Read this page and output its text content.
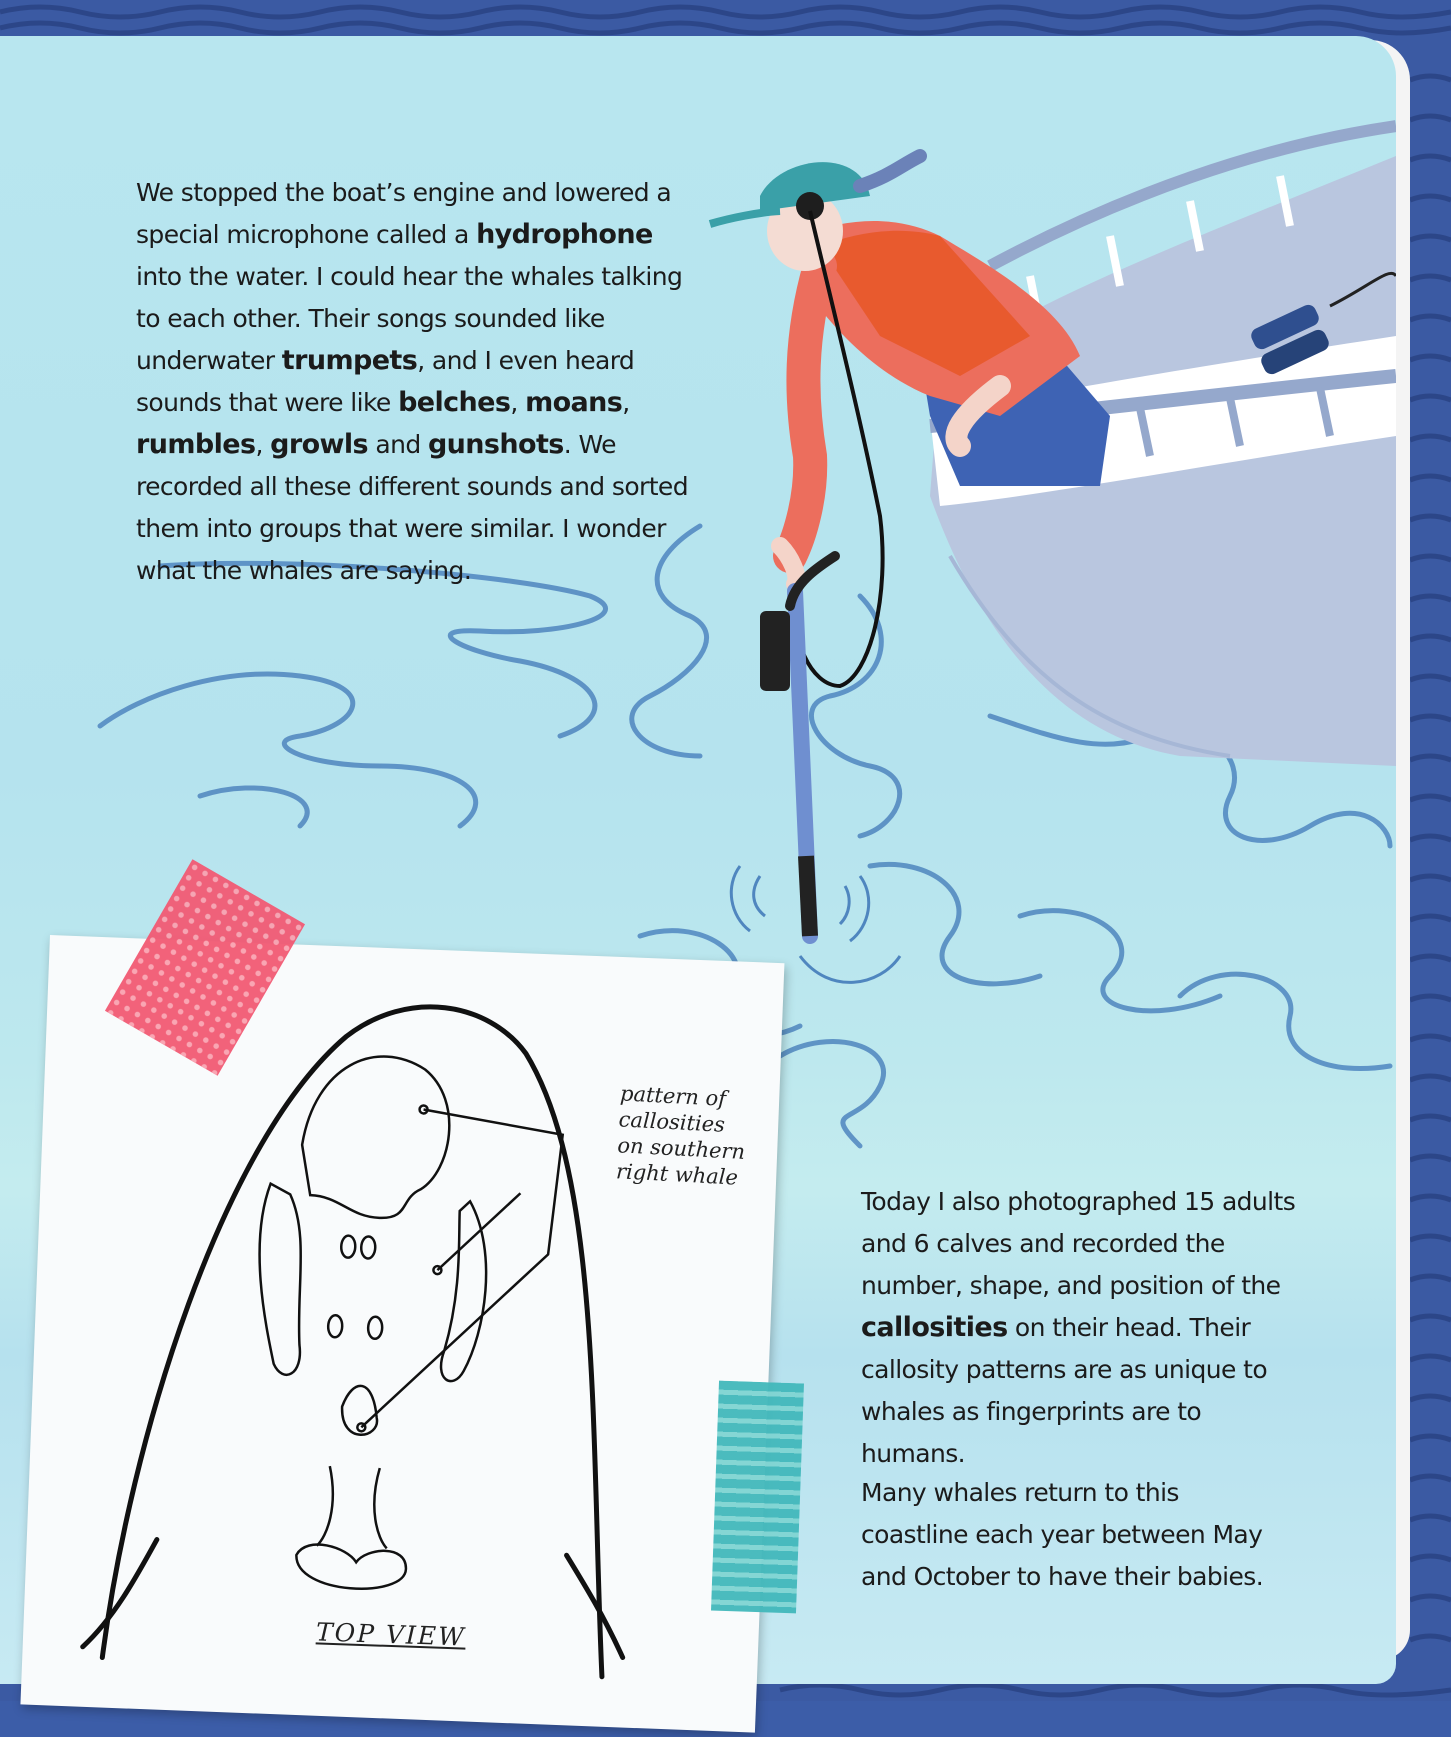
We stopped the boat’s engine and lowered a special microphone called a hydrophone into the water. I could hear the whales talking to each other. Their songs sounded like underwater trumpets, and I even heard sounds that were like belches, moans, rumbles, growls and gunshots. We recorded all these different sounds and sorted them into groups that were similar. I wonder what the whales are saying.

Today I also photographed 15 adults and 6 calves and recorded the number, shape, and position of the callosities on their head. Their callosity patterns are as unique to whales as fingerprints are to humans.

Many whales return to this coastline each year between May and October to have their babies.

pattern of
callosities
on southern
right whale
TOP VIEW
